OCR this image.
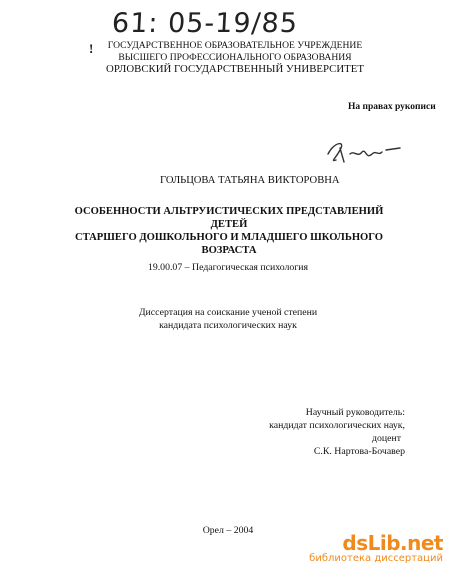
61: 05-19/85
!	ГОСУДАРСТВЕННОЕ ОБРАЗОВАТЕЛЬНОЕ УЧРЕЖДЕНИЕ
ВЫСШЕГО ПРОФЕССИОНАЛЬНОГО ОБРАЗОВАНИЯ
ОРЛОВСКИЙ ГОСУДАРСТВЕННЫЙ УНИВЕРСИТЕТ
На правах рукописи
ГОЛЬЦОВА ТАТЬЯНА ВИКТОРОВНА
ОСОБЕННОСТИ АЛЬТРУИСТИЧЕСКИХ ПРЕДСТАВЛЕНИЙ ДЕТЕЙ
СТАРШЕГО ДОШКОЛЬНОГО И МЛАДШЕГО ШКОЛЬНОГО
ВОЗРАСТА
19.00.07 – Педагогическая психология
Диссертация на соискание ученой степени
кандидата психологических наук
Научный руководитель:
кандидат психологических наук,
доцент
С.К. Нартова-Бочавер
Орел – 2004
dsLib.net
библиотека диссертаций
